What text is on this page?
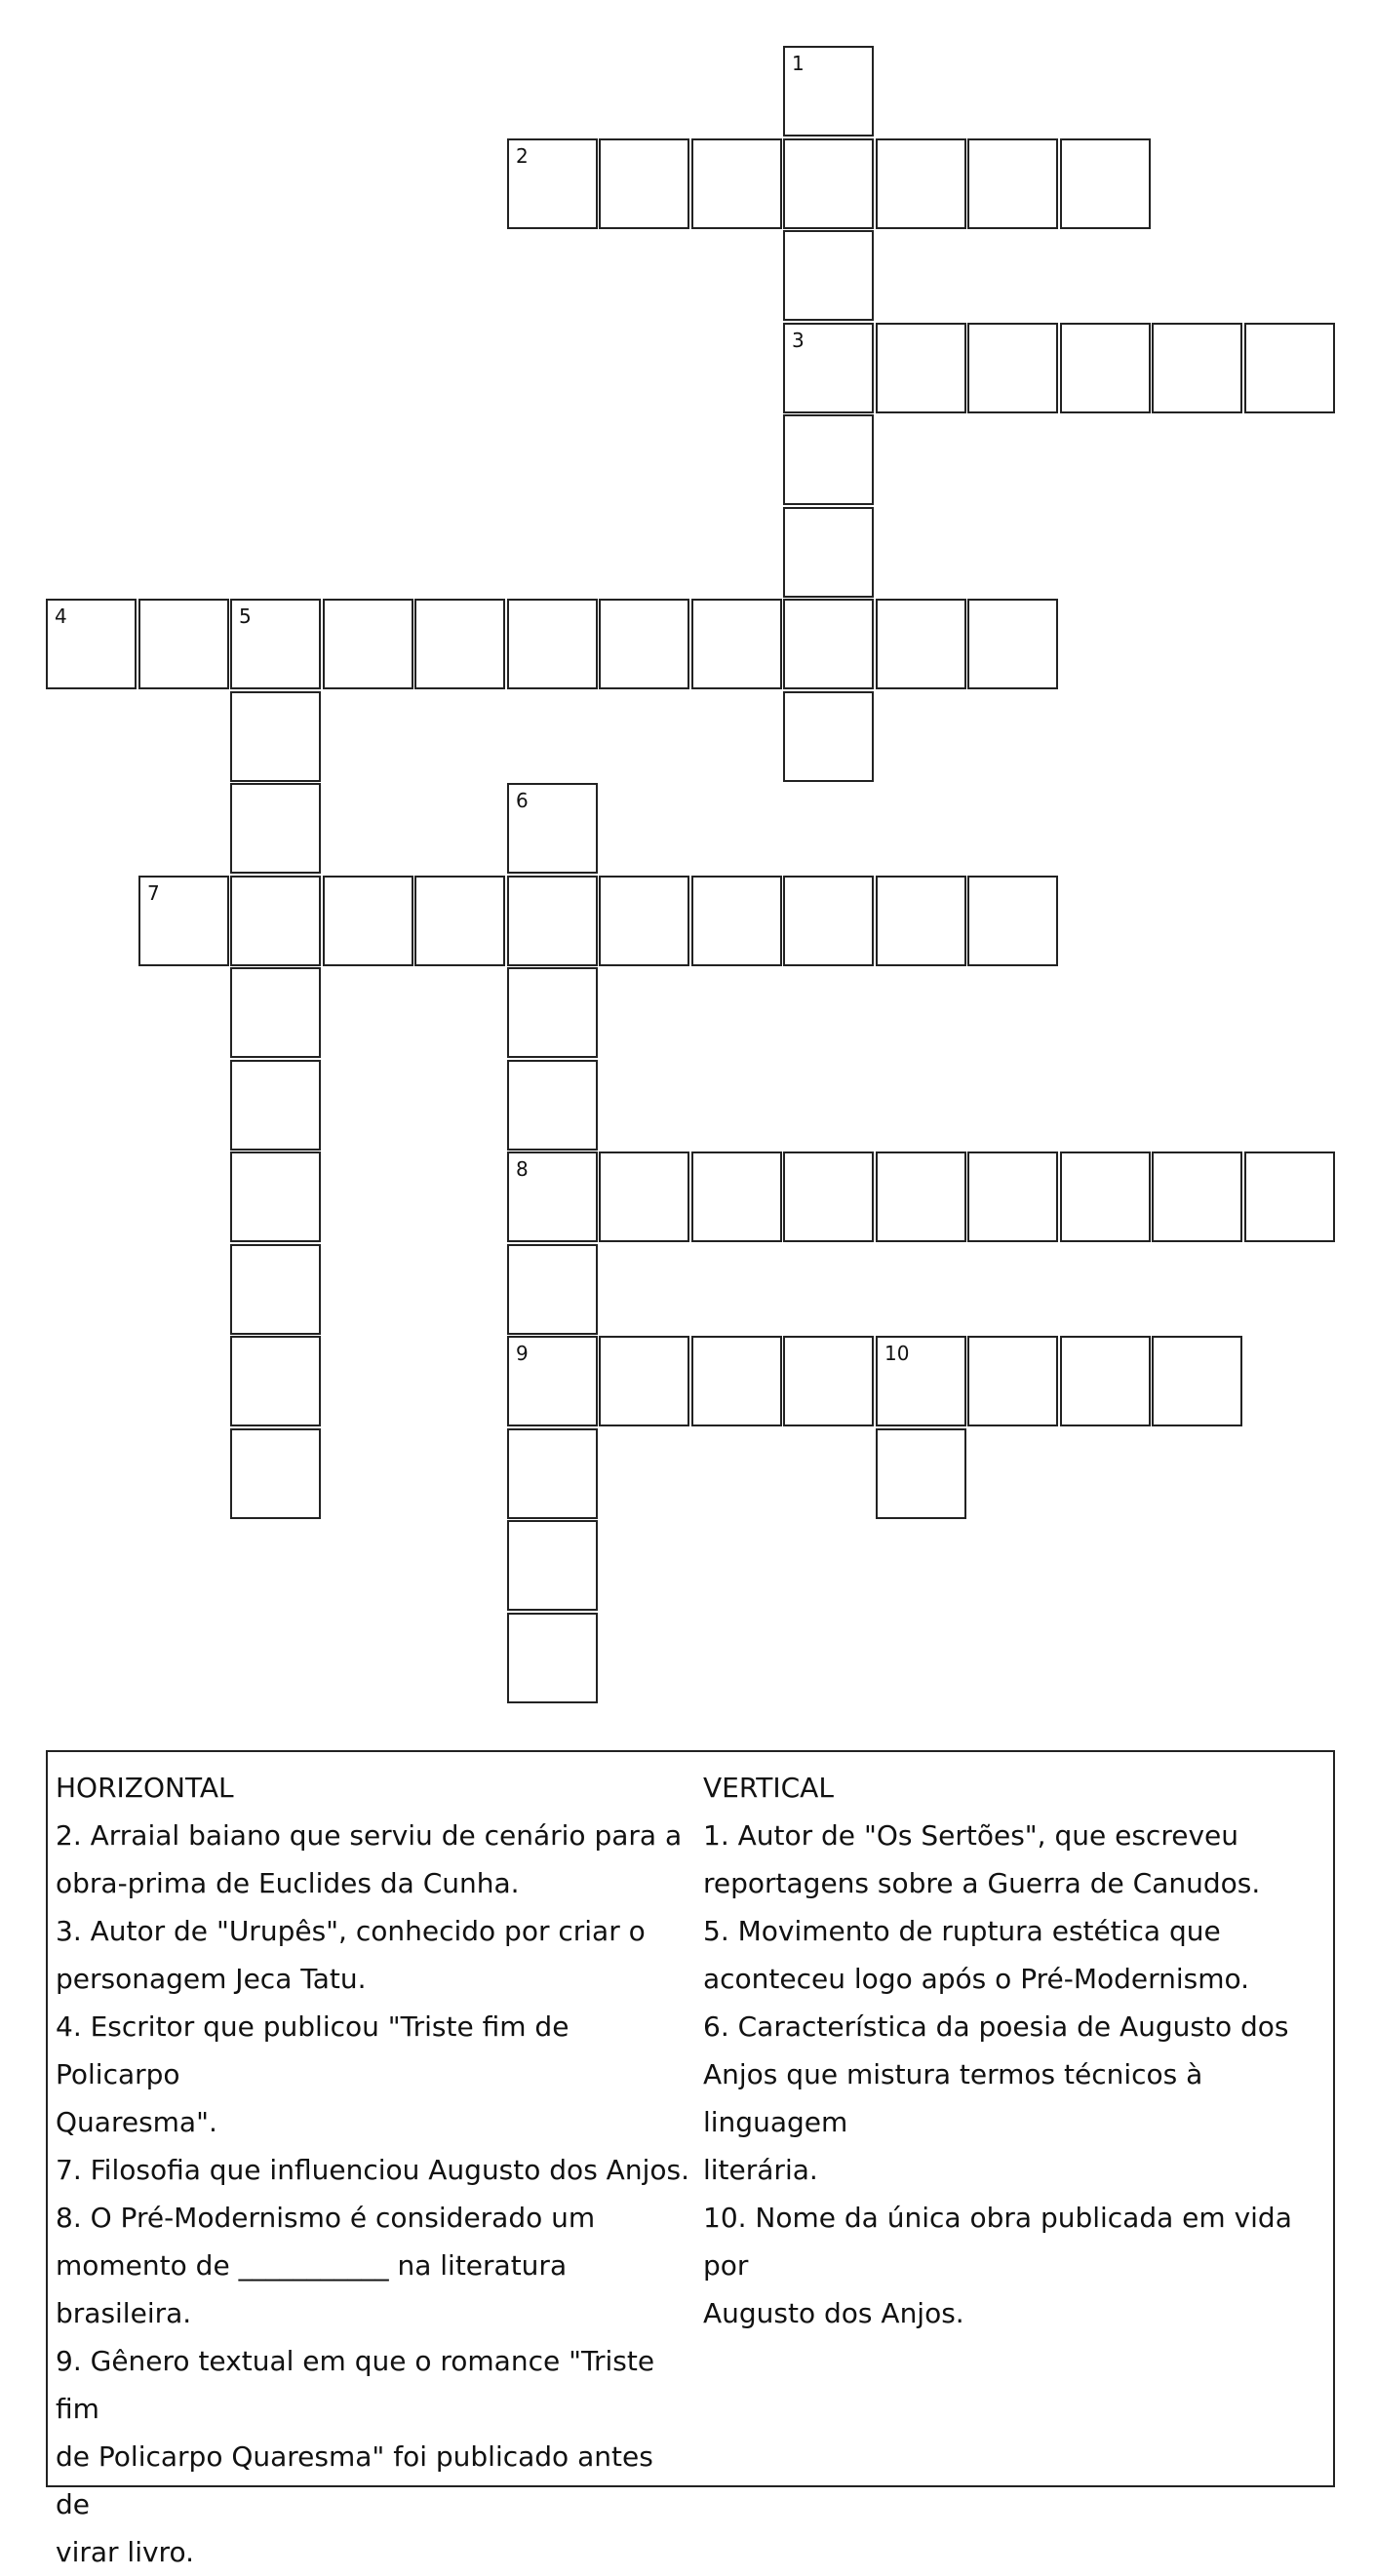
1
2
3
4	5
6
7
8
9	10
HORIZONTAL
2. Arraial baiano que serviu de cenário para a
obra-prima de Euclides da Cunha.
3. Autor de "Urupês", conhecido por criar o
personagem Jeca Tatu.
4. Escritor que publicou "Triste fim de Policarpo
Quaresma".
7. Filosofia que influenciou Augusto dos Anjos.
8. O Pré-Modernismo é considerado um
momento de ___________ na literatura
brasileira.
9. Gênero textual em que o romance "Triste fim
de Policarpo Quaresma" foi publicado antes de
virar livro.
VERTICAL
1. Autor de "Os Sertões", que escreveu
reportagens sobre a Guerra de Canudos.
5. Movimento de ruptura estética que
aconteceu logo após o Pré-Modernismo.
6. Característica da poesia de Augusto dos
Anjos que mistura termos técnicos à linguagem
literária.
10. Nome da única obra publicada em vida por
Augusto dos Anjos.
